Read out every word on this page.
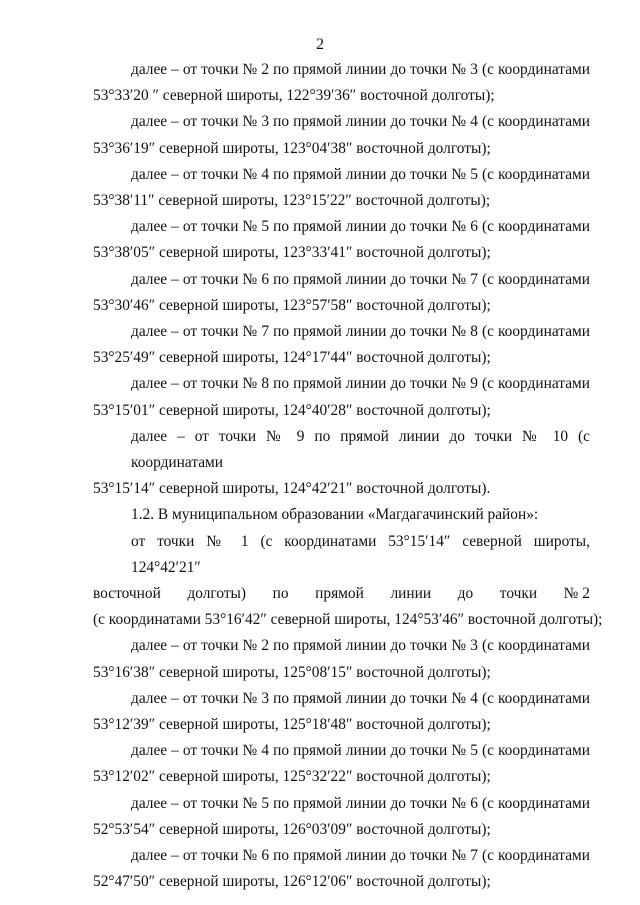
2

далее – от точки № 2 по прямой линии до точки № 3 (с координатами
53°33′20 ″ северной широты, 122°39′36″ восточной долготы);

далее – от точки № 3 по прямой линии до точки № 4 (с координатами
53°36′19″ северной широты, 123°04′38″ восточной долготы);

далее – от точки № 4 по прямой линии до точки № 5 (с координатами
53°38′11″ северной широты, 123°15′22″ восточной долготы);

далее – от точки № 5 по прямой линии до точки № 6 (с координатами
53°38′05″ северной широты, 123°33′41″ восточной долготы);

далее – от точки № 6 по прямой линии до точки № 7 (с координатами
53°30′46″ северной широты, 123°57′58″ восточной долготы);

далее – от точки № 7 по прямой линии до точки № 8 (с координатами
53°25′49″ северной широты, 124°17′44″ восточной долготы);

далее – от точки № 8 по прямой линии до точки № 9 (с координатами
53°15′01″ северной широты, 124°40′28″ восточной долготы);

далее – от точки № 9 по прямой линии до точки № 10 (с координатами
53°15′14″ северной широты, 124°42′21″ восточной долготы).

1.2. В муниципальном образовании «Магдагачинский район»:

от точки № 1 (с координатами 53°15′14″ северной широты, 124°42′21″
восточной долготы) по прямой линии до точки № 2
(с координатами 53°16′42″ северной широты, 124°53′46″ восточной долготы);

далее – от точки № 2 по прямой линии до точки № 3 (с координатами
53°16′38″ северной широты, 125°08′15″ восточной долготы);

далее – от точки № 3 по прямой линии до точки № 4 (с координатами
53°12′39″ северной широты, 125°18′48″ восточной долготы);

далее – от точки № 4 по прямой линии до точки № 5 (с координатами
53°12′02″ северной широты, 125°32′22″ восточной долготы);

далее – от точки № 5 по прямой линии до точки № 6 (с координатами
52°53′54″ северной широты, 126°03′09″ восточной долготы);

далее – от точки № 6 по прямой линии до точки № 7 (с координатами
52°47′50″ северной широты, 126°12′06″ восточной долготы);
